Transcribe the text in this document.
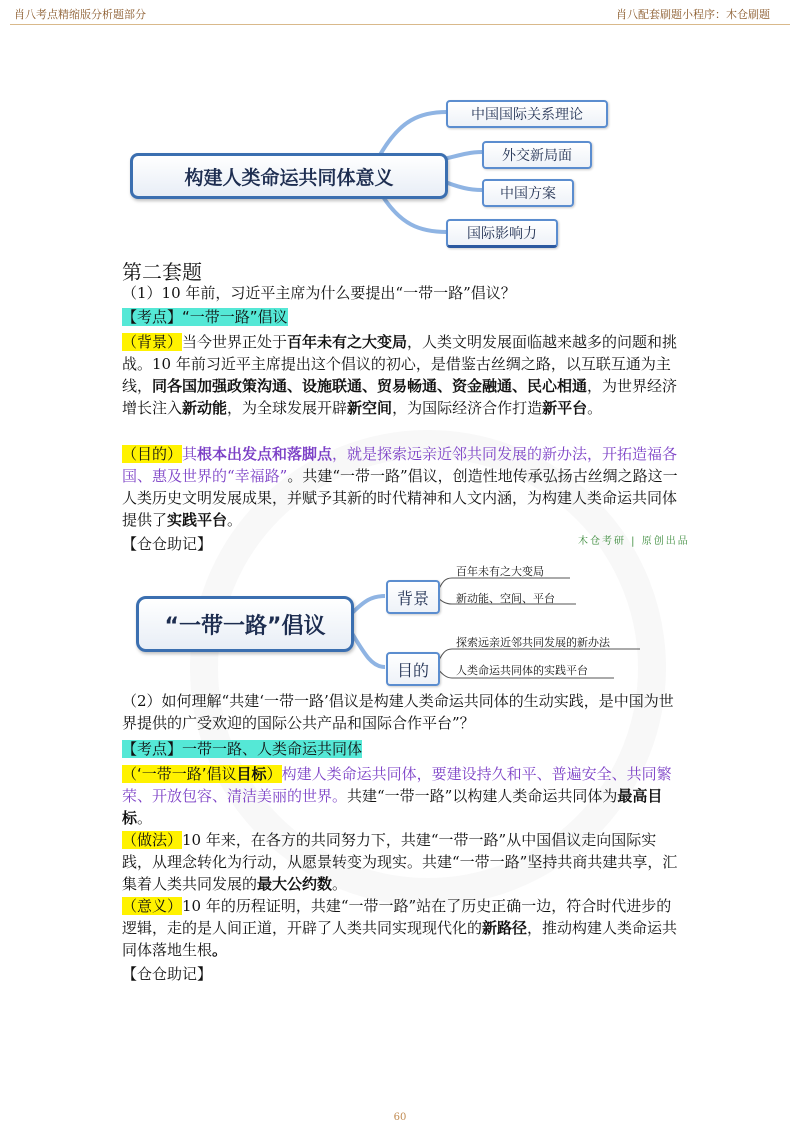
肖八考点精缩版分析题部分	肖八配套刷题小程序：木仓刷题
构建人类命运共同体意义
中国国际关系理论
外交新局面
中国方案
国际影响力
第二套题
（1）10 年前，习近平主席为什么要提出“一带一路”倡议？
【考点】“一带一路”倡议
（背景）当今世界正处于百年未有之大变局，人类文明发展面临越来越多的问题和挑战。10 年前习近平主席提出这个倡议的初心，是借鉴古丝绸之路，以互联互通为主线，同各国加强政策沟通、设施联通、贸易畅通、资金融通、民心相通，为世界经济增长注入新动能，为全球发展开辟新空间，为国际经济合作打造新平台。
（目的）其根本出发点和落脚点，就是探索远亲近邻共同发展的新办法，开拓造福各国、惠及世界的“幸福路”。共建“一带一路”倡议，创造性地传承弘扬古丝绸之路这一人类历史文明发展成果，并赋予其新的时代精神和人文内涵，为构建人类命运共同体提供了实践平台。
【仓仓助记】	木仓考研 | 原创出品
“一带一路”倡议
背景
目的
百年未有之大变局
新动能、空间、平台
探索远亲近邻共同发展的新办法
人类命运共同体的实践平台
（2）如何理解“共建‘一带一路’倡议是构建人类命运共同体的生动实践，是中国为世界提供的广受欢迎的国际公共产品和国际合作平台”？
【考点】一带一路、人类命运共同体
（‘一带一路’倡议目标）构建人类命运共同体，要建设持久和平、普遍安全、共同繁荣、开放包容、清洁美丽的世界。共建“一带一路”以构建人类命运共同体为最高目标。
（做法）10 年来，在各方的共同努力下，共建“一带一路”从中国倡议走向国际实践，从理念转化为行动，从愿景转变为现实。共建“一带一路”坚持共商共建共享，汇集着人类共同发展的最大公约数。
（意义）10 年的历程证明，共建“一带一路”站在了历史正确一边，符合时代进步的逻辑，走的是人间正道，开辟了人类共同实现现代化的新路径，推动构建人类命运共同体落地生根。
【仓仓助记】
60
